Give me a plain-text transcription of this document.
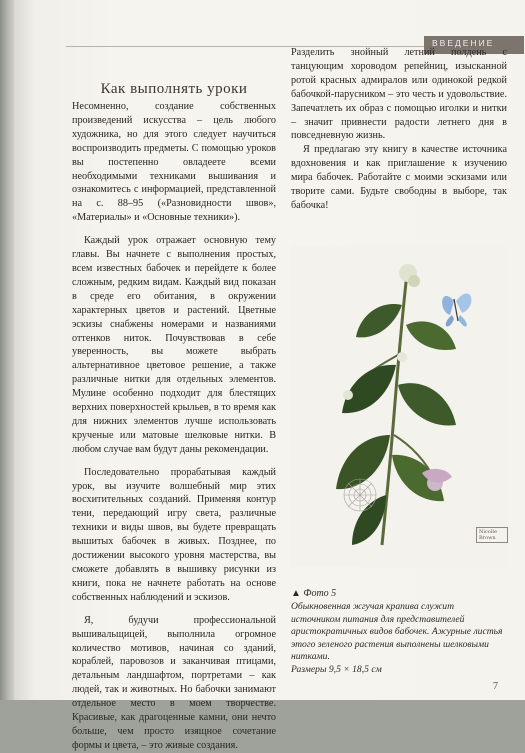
ВВЕДЕНИЕ
Как выполнять уроки

Несомненно, создание собственных произведений искусства – цель любого художника, но для этого следует научиться воспроизводить предметы. С помощью уроков вы постепенно овладеете всеми необходимыми техниками вышивания и ознакомитесь с информацией, представленной на с. 88–95 («Разновидности швов», «Материалы» и «Основные техники»).

Каждый урок отражает основную тему главы. Вы начнете с выполнения простых, всем известных бабочек и перейдете к более сложным, редким видам. Каждый вид показан в среде его обитания, в окружении характерных цветов и растений. Цветные эскизы снабжены номерами и названиями оттенков ниток. Почувствовав в себе уверенность, вы можете выбрать альтернативное цветовое решение, а также различные нитки для отдельных элементов. Мулине особенно подходит для блестящих верхних поверхностей крыльев, в то время как для нижних элементов лучше использовать крученые или матовые шелковые нитки. В любом случае вам будут даны рекомендации.

Последовательно прорабатывая каждый урок, вы изучите волшебный мир этих восхитительных созданий. Применяя контур тени, передающий игру света, различные техники и виды швов, вы будете превращать вышитых бабочек в живых. Позднее, по достижении высокого уровня мастерства, вы сможете добавлять в вышивку рисунки из книги, пока не начнете работать на основе собственных наблюдений и эскизов.

Я, будучи профессиональной вышивальщицей, выполнила огромное количество мотивов, начиная со зданий, кораблей, паровозов и заканчивая птицами, детальным ландшафтом, портретами – как людей, так и животных. Но бабочки занимают отдельное место в моем творчестве. Красивые, как драгоценные камни, они нечто больше, чем просто изящное сочетание формы и цвета, – это живые создания.

Разделить знойный летний полдень с танцующим хороводом репейниц, изысканной ротой красных адмиралов или одинокой редкой бабочкой-парусником – это честь и удовольствие. Запечатлеть их образ с помощью иголки и нитки – значит привнести радости летнего дня в повседневную жизнь.

Я предлагаю эту книгу в качестве источника вдохновения и как приглашение к изучению мира бабочек. Работайте с моими эскизами или творите сами. Будьте свободны в выборе, так бабочка!

Nicolle Brown
▲ Фото 5

Обыкновенная жгучая крапива служит источником питания для представителей аристократичных видов бабочек. Ажурные листья этого зеленого растения выполнены шелковыми нитками.

Размеры 9,5 × 18,5 см

7
